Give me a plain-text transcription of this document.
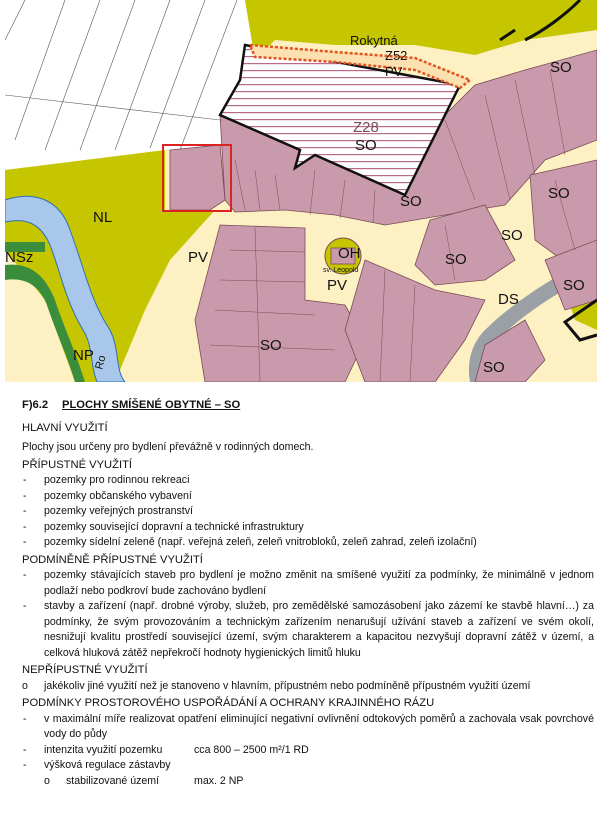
Rokytná
Z52
PV
Z28
SO
SO
SO	SO
SO
SO
SO
SO
SO
OH
sv. Leopold
PV
PV
NL
NSz
NP
DS
Ro
F)6.2 PLOCHY SMÍŠENÉ OBYTNÉ – SO
HLAVNÍ VYUŽITÍ
Plochy jsou určeny pro bydlení převážně v rodinných domech.
PŘÍPUSTNÉ VYUŽITÍ
- pozemky pro rodinnou rekreaci
- pozemky občanského vybavení
- pozemky veřejných prostranství
- pozemky související dopravní a technické infrastruktury
- pozemky sídelní zeleně (např. veřejná zeleň, zeleň vnitrobloků, zeleň zahrad, zeleň izolační)
PODMÍNĚNĚ PŘÍPUSTNÉ VYUŽITÍ
- pozemky stávajících staveb pro bydlení je možno změnit na smíšené využití za podmínky, že minimálně v jednom podlaží nebo podkroví bude zachováno bydlení
- stavby a zařízení (např. drobné výroby, služeb, pro zemědělské samozásobení jako zázemí ke stavbě hlavní…) za podmínky, že svým provozováním a technickým zařízením nenarušují užívání staveb a zařízení ve svém okolí, nesnižují kvalitu prostředí související území, svým charakterem a kapacitou nezvyšují dopravní zátěž v území, a celková hluková zátěž nepřekročí hodnoty hygienických limitů hluku
NEPŘÍPUSTNÉ VYUŽITÍ
o jakékoliv jiné využití než je stanoveno v hlavním, přípustném nebo podmíněně přípustném využití území
PODMÍNKY PROSTOROVÉHO USPOŘÁDÁNÍ A OCHRANY KRAJINNÉHO RÁZU
- v maximální míře realizovat opatření eliminující negativní ovlivnění odtokových poměrů a zachovala vsak povrchové vody do půdy
- intenzita využití pozemku	cca 800 – 2500 m²/1 RD
- výšková regulace zástavby
o stabilizované území	max. 2 NP
